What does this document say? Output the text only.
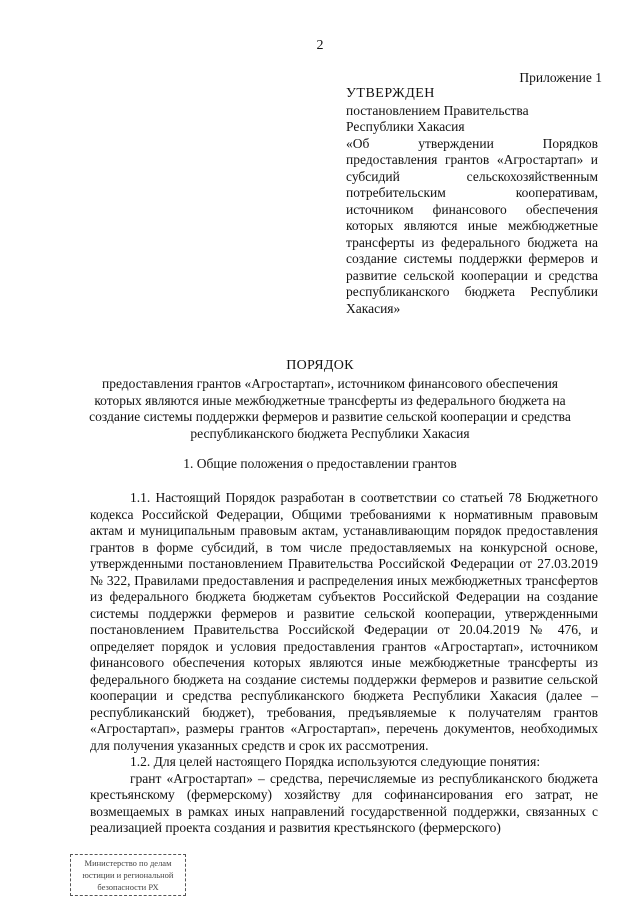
2
Приложение 1
УТВЕРЖДЕН
постановлением Правительства
Республики Хакасия
«Об утверждении Порядков предоставления грантов «Агростартап» и субсидий сельскохозяйственным потребительским кооперативам, источником финансового обеспечения которых являются иные межбюджетные трансферты из федерального бюджета на создание системы поддержки фермеров и развитие сельской кооперации и средства республиканского бюджета Республики Хакасия»
ПОРЯДОК
предоставления грантов «Агростартап», источником финансового обеспечения которых являются иные межбюджетные трансферты из федерального бюджета на создание системы поддержки фермеров и развитие сельской кооперации и средства республиканского бюджета Республики Хакасия
1. Общие положения о предоставлении грантов

1.1. Настоящий Порядок разработан в соответствии со статьей 78 Бюджетного кодекса Российской Федерации, Общими требованиями к нормативным правовым актам и муниципальным правовым актам, устанавливающим порядок предоставления грантов в форме субсидий, в том числе предоставляемых на конкурсной основе, утвержденными постановлением Правительства Российской Федерации от 27.03.2019 № 322, Правилами предоставления и распределения иных межбюджетных трансфертов из федерального бюджета бюджетам субъектов Российской Федерации на создание системы поддержки фермеров и развитие сельской кооперации, утвержденными постановлением Правительства Российской Федерации от 20.04.2019 № 476, и определяет порядок и условия предоставления грантов «Агростартап», источником финансового обеспечения которых являются иные межбюджетные трансферты из федерального бюджета на создание системы поддержки фермеров и развитие сельской кооперации и средства республиканского бюджета Республики Хакасия (далее – республиканский бюджет), требования, предъявляемые к получателям грантов «Агростартап», размеры грантов «Агростартап», перечень документов, необходимых для получения указанных средств и срок их рассмотрения.

1.2. Для целей настоящего Порядка используются следующие понятия:

грант «Агростартап» – средства, перечисляемые из республиканского бюджета крестьянскому (фермерскому) хозяйству для софинансирования его затрат, не возмещаемых в рамках иных направлений государственной поддержки, связанных с реализацией проекта создания и развития крестьянского (фермерского)

Министерство по делам
юстиции и региональной
безопасности РХ
